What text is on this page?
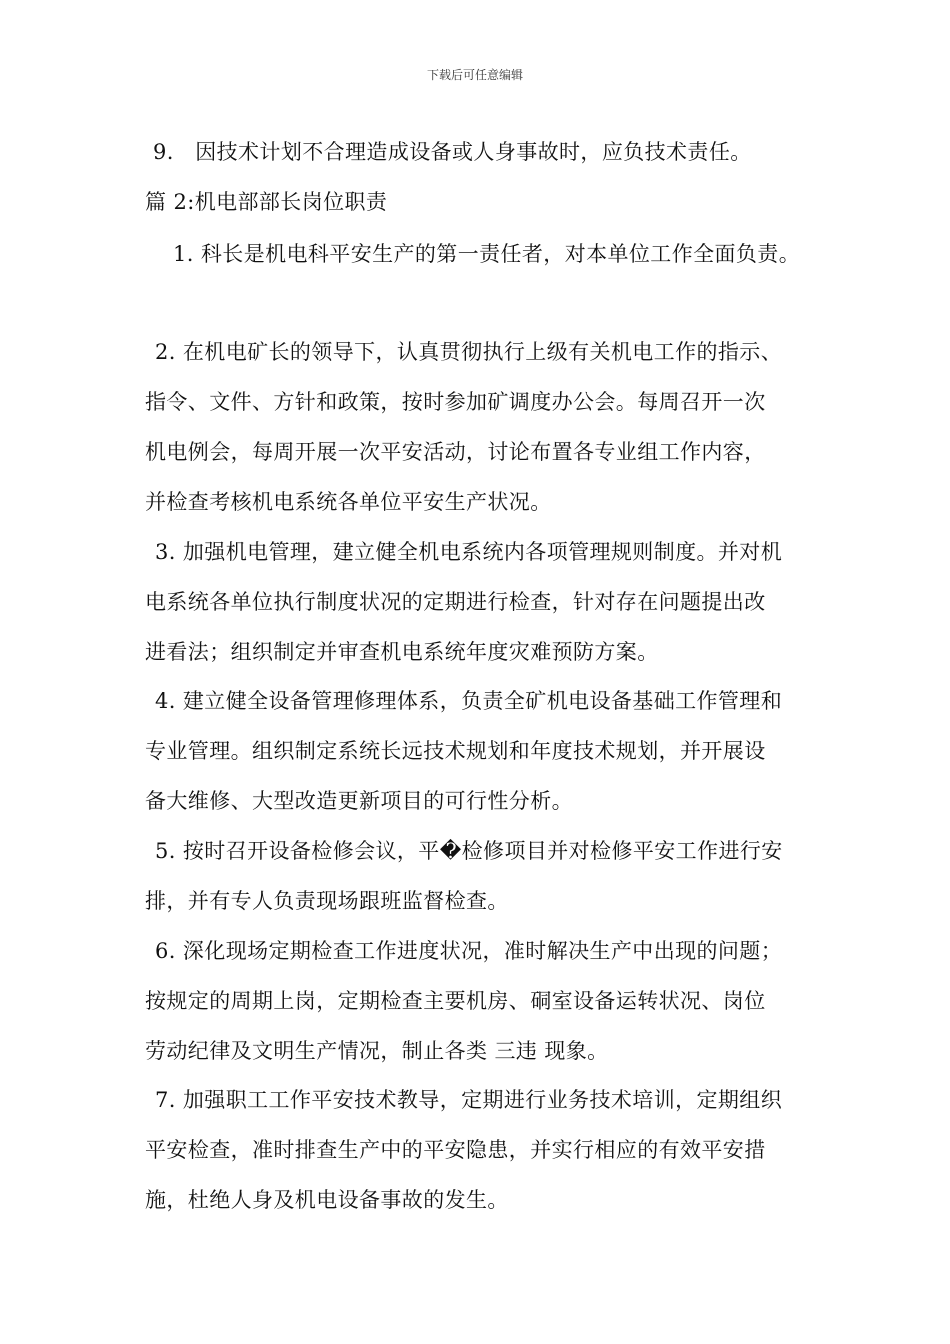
下载后可任意编辑
9.　因技术计划不合理造成设备或人身事故时，应负技术责任。
篇 2:机电部部长岗位职责
1. 科长是机电科平安生产的第一责任者，对本单位工作全面负责。
2. 在机电矿长的领导下，认真贯彻执行上级有关机电工作的指示、
指令、文件、方针和政策，按时参加矿调度办公会。每周召开一次
机电例会，每周开展一次平安活动，讨论布置各专业组工作内容，
并检查考核机电系统各单位平安生产状况。
3. 加强机电管理，建立健全机电系统内各项管理规则制度。并对机
电系统各单位执行制度状况的定期进行检查，针对存在问题提出改
进看法；组织制定并审查机电系统年度灾难预防方案。
4. 建立健全设备管理修理体系，负责全矿机电设备基础工作管理和
专业管理。组织制定系统长远技术规划和年度技术规划，并开展设
备大维修、大型改造更新项目的可行性分析。
5. 按时召开设备检修会议，平�检修项目并对检修平安工作进行安
排，并有专人负责现场跟班监督检查。
6. 深化现场定期检查工作进度状况，准时解决生产中出现的问题；
按规定的周期上岗，定期检查主要机房、硐室设备运转状况、岗位
劳动纪律及文明生产情况，制止各类 三违 现象。
7. 加强职工工作平安技术教导，定期进行业务技术培训，定期组织
平安检查，准时排查生产中的平安隐患，并实行相应的有效平安措
施，杜绝人身及机电设备事故的发生。
